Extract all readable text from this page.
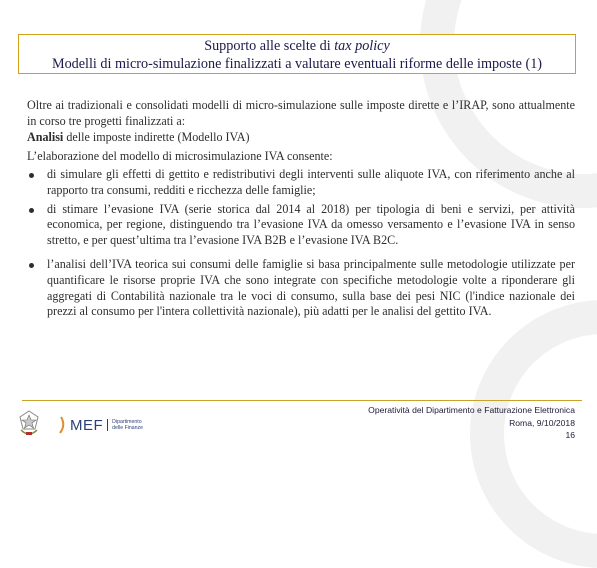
Supporto alle scelte di tax policy
Modelli di micro-simulazione finalizzati a valutare eventuali riforme delle imposte (1)

Oltre ai tradizionali e consolidati modelli di micro-simulazione sulle imposte dirette e l’IRAP, sono attualmente in corso tre progetti finalizzati a:

Analisi delle imposte indirette (Modello IVA)

L’elaborazione del modello di microsimulazione IVA consente:

di simulare gli effetti di gettito e redistributivi degli interventi sulle aliquote IVA, con riferimento anche al rapporto tra consumi, redditi e ricchezza delle famiglie;
di stimare l’evasione IVA (serie storica dal 2014 al 2018) per tipologia di beni e servizi, per attività economica, per regione, distinguendo tra l’evasione IVA da omesso versamento e l’evasione IVA in senso stretto, e per quest’ultima tra l’evasione IVA B2B e l’evasione IVA B2C.
l’analisi dell’IVA teorica sui consumi delle famiglie si basa principalmente sulle metodologie utilizzate per quantificare le risorse proprie IVA che sono integrate con specifiche metodologie volte a riponderare gli aggregati di Contabilità nazionale tra le voci di consumo, sulla base dei pesi NIC (l'indice nazionale dei prezzi al consumo per l'intera collettività nazionale), più adatti per le analisi del gettito IVA.
MEF Dipartimento
delle Finanze
Operatività del Dipartimento e Fatturazione Elettronica
Roma, 9/10/2018
16
